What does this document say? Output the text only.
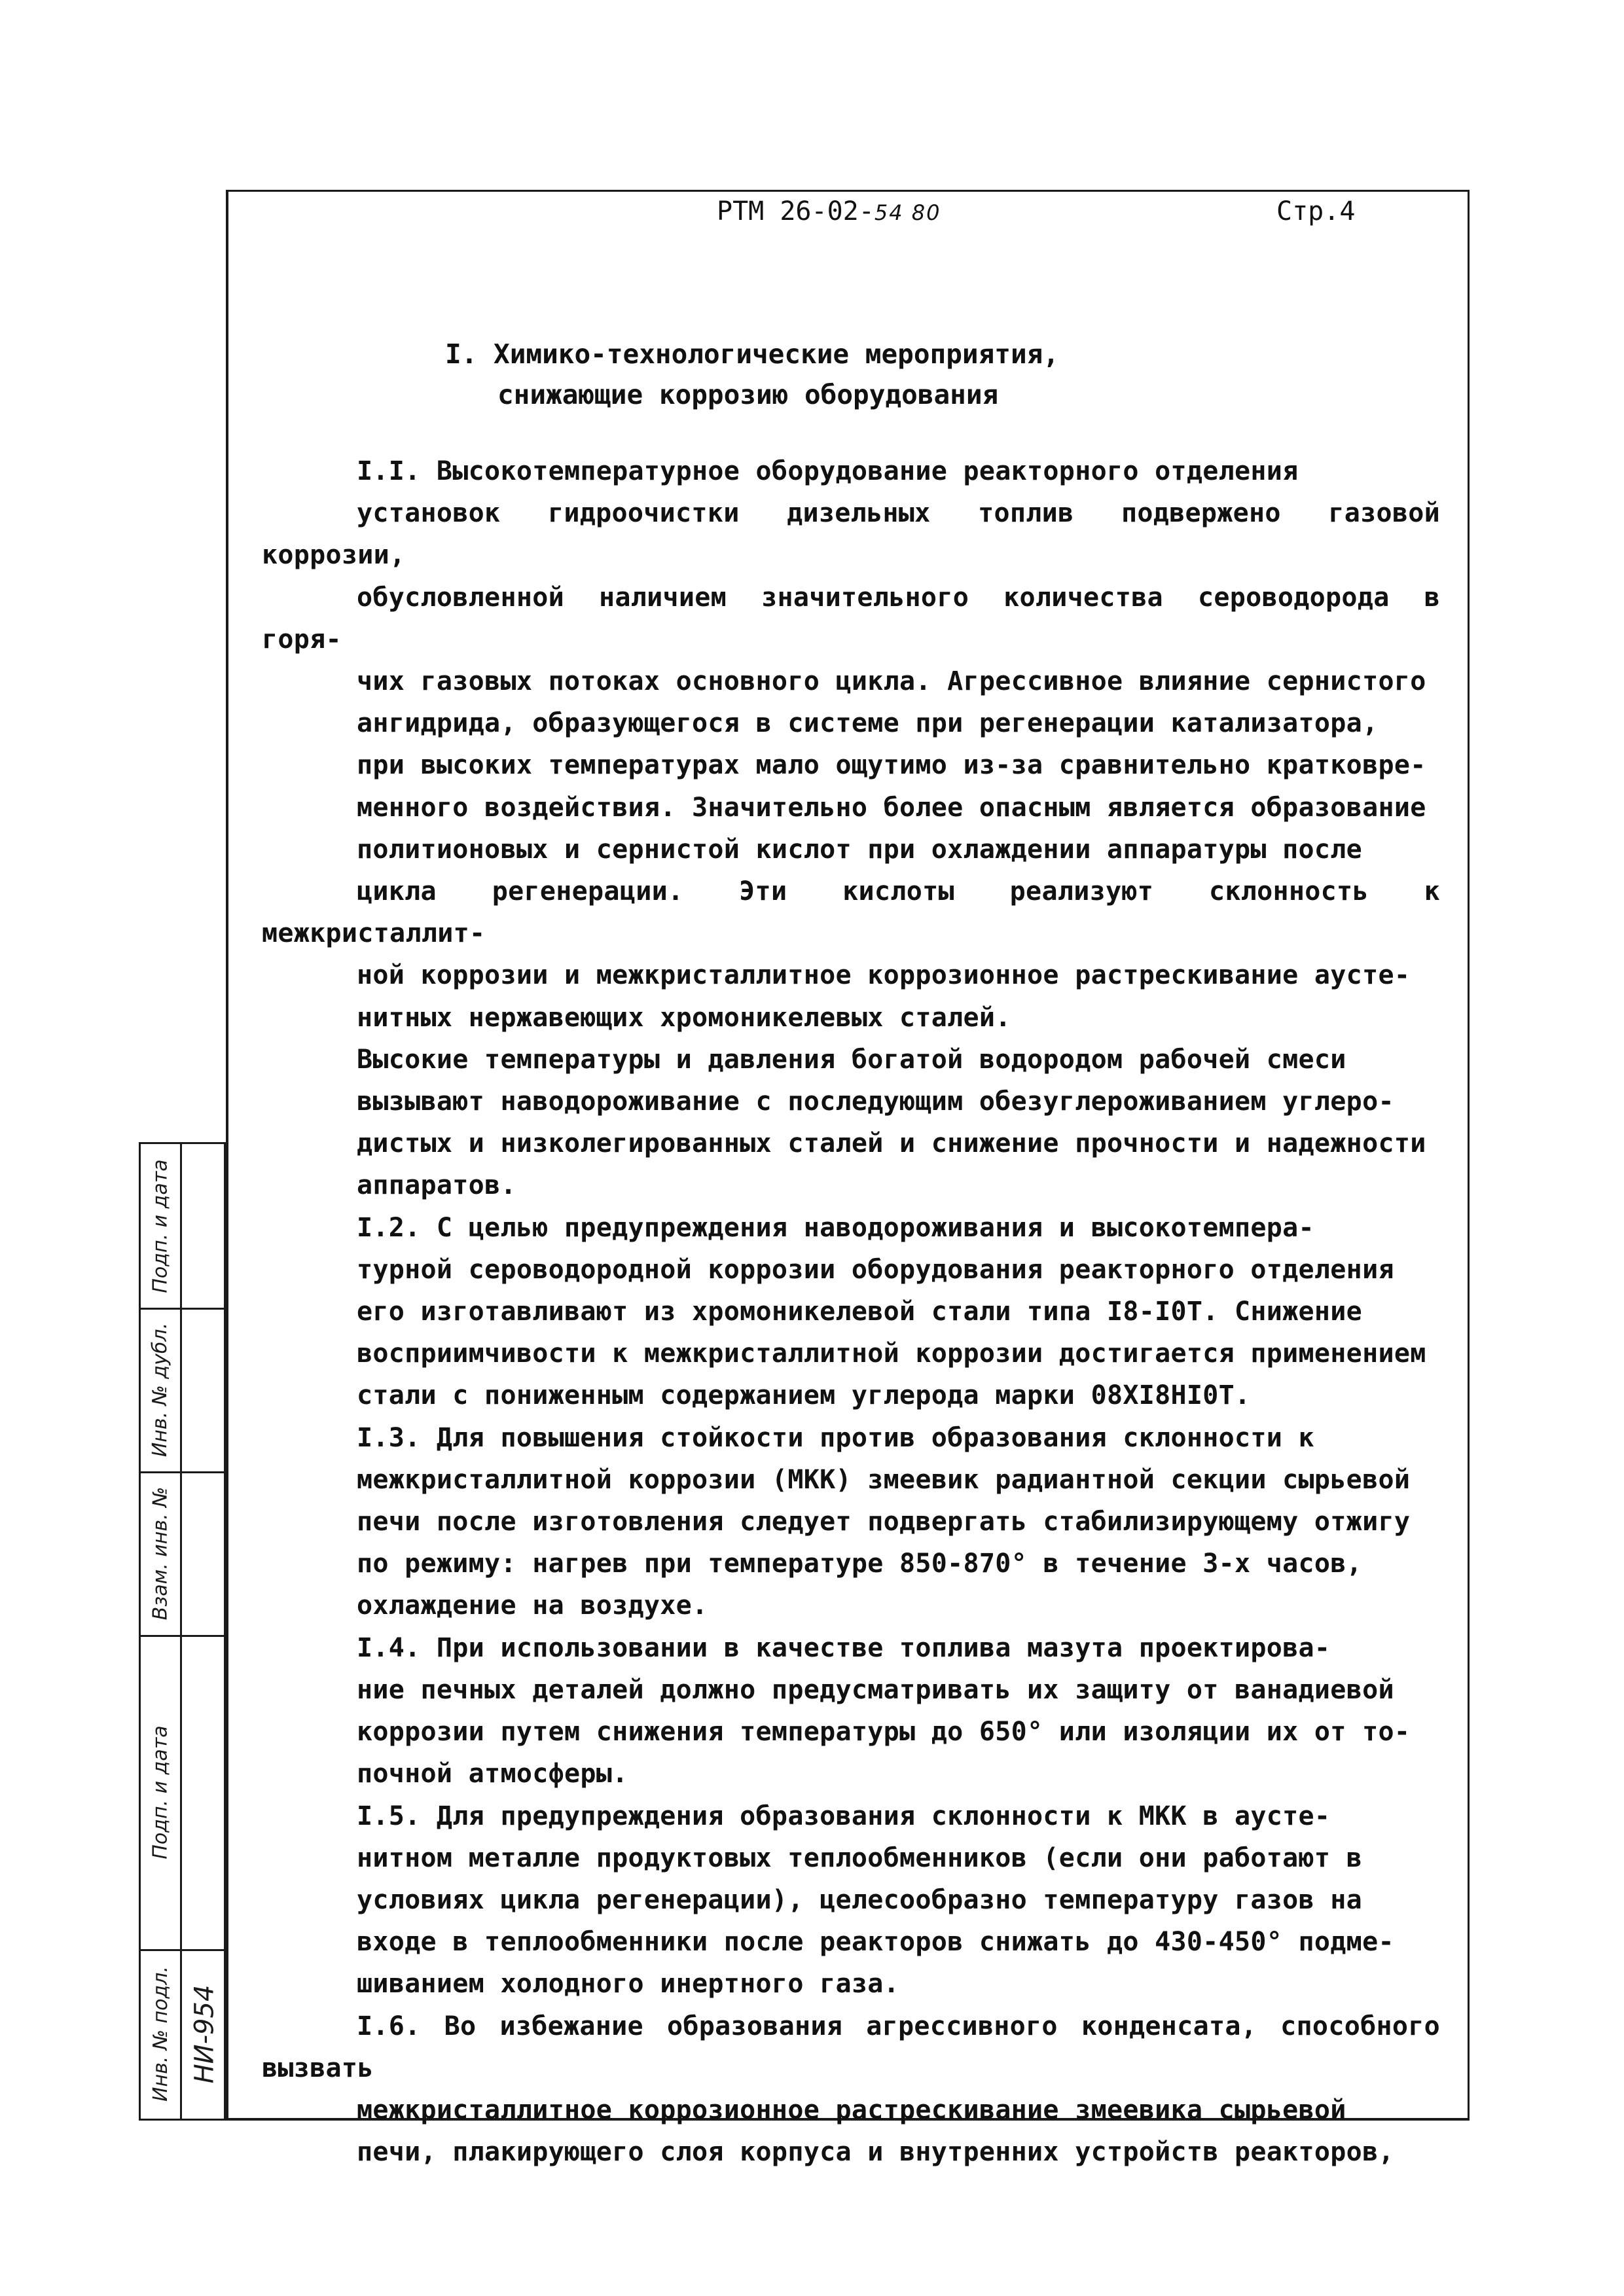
РТМ 26-02-54 80	Стр.4
I. Химико-технологические мероприятия,
снижающие коррозию оборудования

I.I. Высокотемпературное оборудование реакторного отделения
установок гидроочистки дизельных топлив подвержено газовой коррозии,
обусловленной наличием значительного количества сероводорода в горя-
чих газовых потоках основного цикла. Агрессивное влияние сернистого
ангидрида, образующегося в системе при регенерации катализатора,
при высоких температурах мало ощутимо из-за сравнительно кратковре-
менного воздействия. Значительно более опасным является образование
политионовых и сернистой кислот при охлаждении аппаратуры после
цикла регенерации. Эти кислоты реализуют склонность к межкристаллит-
ной коррозии и межкристаллитное коррозионное растрескивание аусте-
нитных нержавеющих хромоникелевых сталей.

Высокие температуры и давления богатой водородом рабочей смеси
вызывают наводороживание с последующим обезуглероживанием углеро-
дистых и низколегированных сталей и снижение прочности и надежности
аппаратов.

I.2. С целью предупреждения наводороживания и высокотемпера-
турной сероводородной коррозии оборудования реакторного отделения
его изготавливают из хромоникелевой стали типа I8-I0T. Снижение
восприимчивости к межкристаллитной коррозии достигается применением
стали с пониженным содержанием углерода марки 08XI8HI0T.

I.3. Для повышения стойкости против образования склонности к
межкристаллитной коррозии (МКК) змеевик радиантной секции сырьевой
печи после изготовления следует подвергать стабилизирующему отжигу
по режиму: нагрев при температуре 850-870° в течение 3-х часов,
охлаждение на воздухе.

I.4. При использовании в качестве топлива мазута проектирова-
ние печных деталей должно предусматривать их защиту от ванадиевой
коррозии путем снижения температуры до 650° или изоляции их от то-
почной атмосферы.

I.5. Для предупреждения образования склонности к МКК в аусте-
нитном металле продуктовых теплообменников (если они работают в
условиях цикла регенерации), целесообразно температуру газов на
входе в теплообменники после реакторов снижать до 430-450° подме-
шиванием холодного инертного газа.

I.6. Во избежание образования агрессивного конденсата, способного вызвать
межкристаллитное коррозионное растрескивание змеевика сырьевой
печи, плакирующего слоя корпуса и внутренних устройств реакторов,

Подп. и дата
Инв. № дубл.
Взам. инв. №
Подп. и дата
Инв. № подл. НИ-954
